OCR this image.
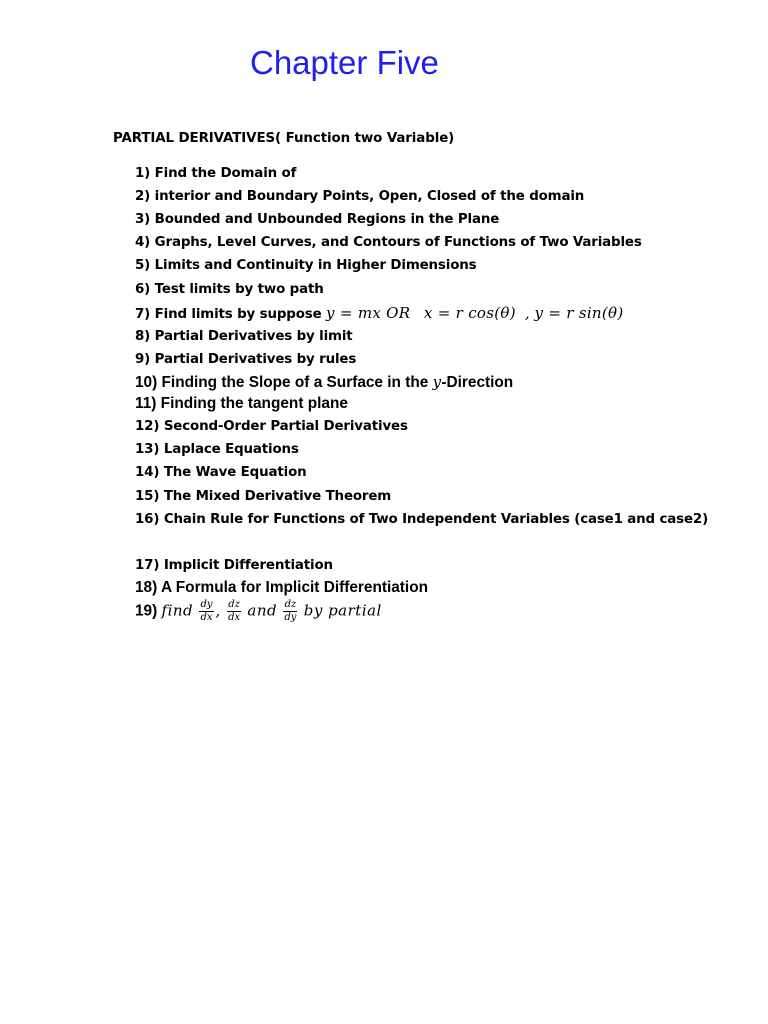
Chapter Five
PARTIAL DERIVATIVES( Function two Variable)
1) Find the Domain of
2) interior and Boundary Points, Open, Closed of the domain
3) Bounded and Unbounded Regions in the Plane
4) Graphs, Level Curves, and Contours of Functions of Two Variables
5) Limits and Continuity in Higher Dimensions
6) Test limits by two path
7) Find limits by suppose y = mx OR x = r cos(θ) , y = r sin(θ)
8) Partial Derivatives by limit
9) Partial Derivatives by rules
10) Finding the Slope of a Surface in the y-Direction
11) Finding the tangent plane
12) Second-Order Partial Derivatives
13) Laplace Equations
14) The Wave Equation
15) The Mixed Derivative Theorem
16) Chain Rule for Functions of Two Independent Variables (case1 and case2)
17) Implicit Differentiation
18) A Formula for Implicit Differentiation
19) find $\frac{dy}{dx}$ , $\frac{dz}{dx}$ and $\frac{dz}{dy}$ by partial
